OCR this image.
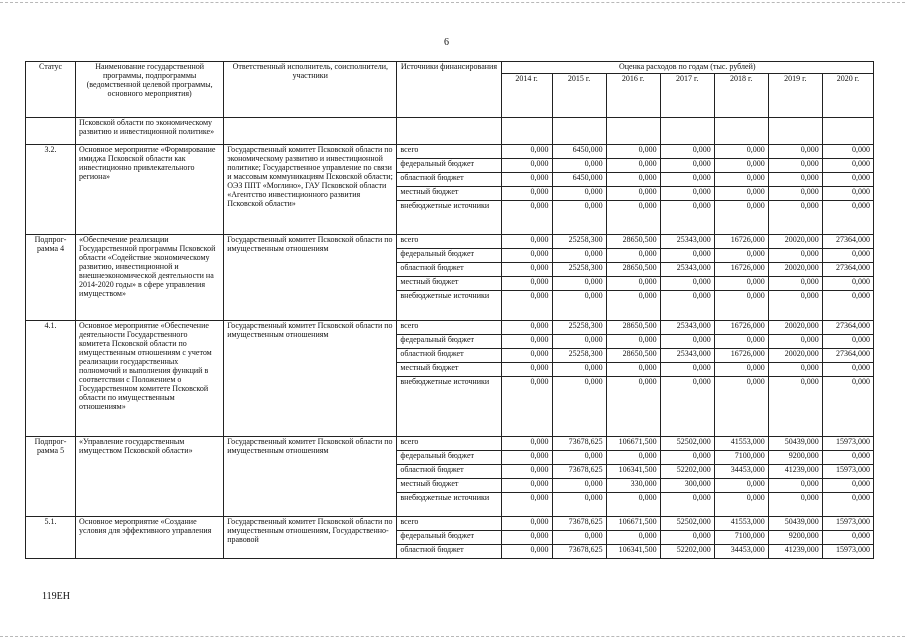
6
Статус	Наименование государственной программы, подпрограммы (ведомственной целевой программы, основного мероприятия)	Ответственный исполнитель, соисполнители, участники	Источники финансирования	Оценка расходов по годам (тыс. рублей)						
				2014 г.	2015 г.	2016 г.	2017 г.	2018 г.	2019 г.	2020 г.
	Псковской области по экономическому развитию и инвестиционной политике»									
3.2.	Основное мероприятие «Формирование имиджа Псковской области как инвестиционно привлекательного региона»	Государственный комитет Псковской области по экономическому развитию и инвестиционной политике; Государственное управление по связи и массовым коммуникациям Псковской области; ОЭЗ ППТ «Моглино», ГАУ Псковской области «Агентство инвестиционного развития Псковской области»	всего	0,000	6450,000	0,000	0,000	0,000	0,000	0,000
			федеральный бюджет	0,000	0,000	0,000	0,000	0,000	0,000	0,000
			областной бюджет	0,000	6450,000	0,000	0,000	0,000	0,000	0,000
			местный бюджет	0,000	0,000	0,000	0,000	0,000	0,000	0,000
			внебюджетные источники	0,000	0,000	0,000	0,000	0,000	0,000	0,000
Подпрог-рамма 4	«Обеспечение реализации Государственной программы Псковской области «Содействие экономическому развитию, инвестиционной и внешнеэкономической деятельности на 2014-2020 годы» в сфере управления имуществом»	Государственный комитет Псковской области по имущественным отношениям	всего	0,000	25258,300	28650,500	25343,000	16726,000	20020,000	27364,000
			федеральный бюджет	0,000	0,000	0,000	0,000	0,000	0,000	0,000
			областной бюджет	0,000	25258,300	28650,500	25343,000	16726,000	20020,000	27364,000
			местный бюджет	0,000	0,000	0,000	0,000	0,000	0,000	0,000
			внебюджетные источники	0,000	0,000	0,000	0,000	0,000	0,000	0,000
4.1.	Основное мероприятие «Обеспечение деятельности Государственного комитета Псковской области по имущественным отношениям с учетом реализации государственных полномочий и выполнения функций в соответствии с Положением о Государственном комитете Псковской области по имущественным отношениям»	Государственный комитет Псковской области по имущественным отношениям	всего	0,000	25258,300	28650,500	25343,000	16726,000	20020,000	27364,000
			федеральный бюджет	0,000	0,000	0,000	0,000	0,000	0,000	0,000
			областной бюджет	0,000	25258,300	28650,500	25343,000	16726,000	20020,000	27364,000
			местный бюджет	0,000	0,000	0,000	0,000	0,000	0,000	0,000
			внебюджетные источники	0,000	0,000	0,000	0,000	0,000	0,000	0,000
Подпрог-рамма 5	«Управление государственным имуществом Псковской области»	Государственный комитет Псковской области по имущественным отношениям	всего	0,000	73678,625	106671,500	52502,000	41553,000	50439,000	15973,000
			федеральный бюджет	0,000	0,000	0,000	0,000	7100,000	9200,000	0,000
			областной бюджет	0,000	73678,625	106341,500	52202,000	34453,000	41239,000	15973,000
			местный бюджет	0,000	0,000	330,000	300,000	0,000	0,000	0,000
			внебюджетные источники	0,000	0,000	0,000	0,000	0,000	0,000	0,000
5.1.	Основное мероприятие «Создание условия для эффективного управления	Государственный комитет Псковской области по имущественным отношениям, Государственно-правовой	всего	0,000	73678,625	106671,500	52502,000	41553,000	50439,000	15973,000
			федеральный бюджет	0,000	0,000	0,000	0,000	7100,000	9200,000	0,000
			областной бюджет	0,000	73678,625	106341,500	52202,000	34453,000	41239,000	15973,000
119ЕН
